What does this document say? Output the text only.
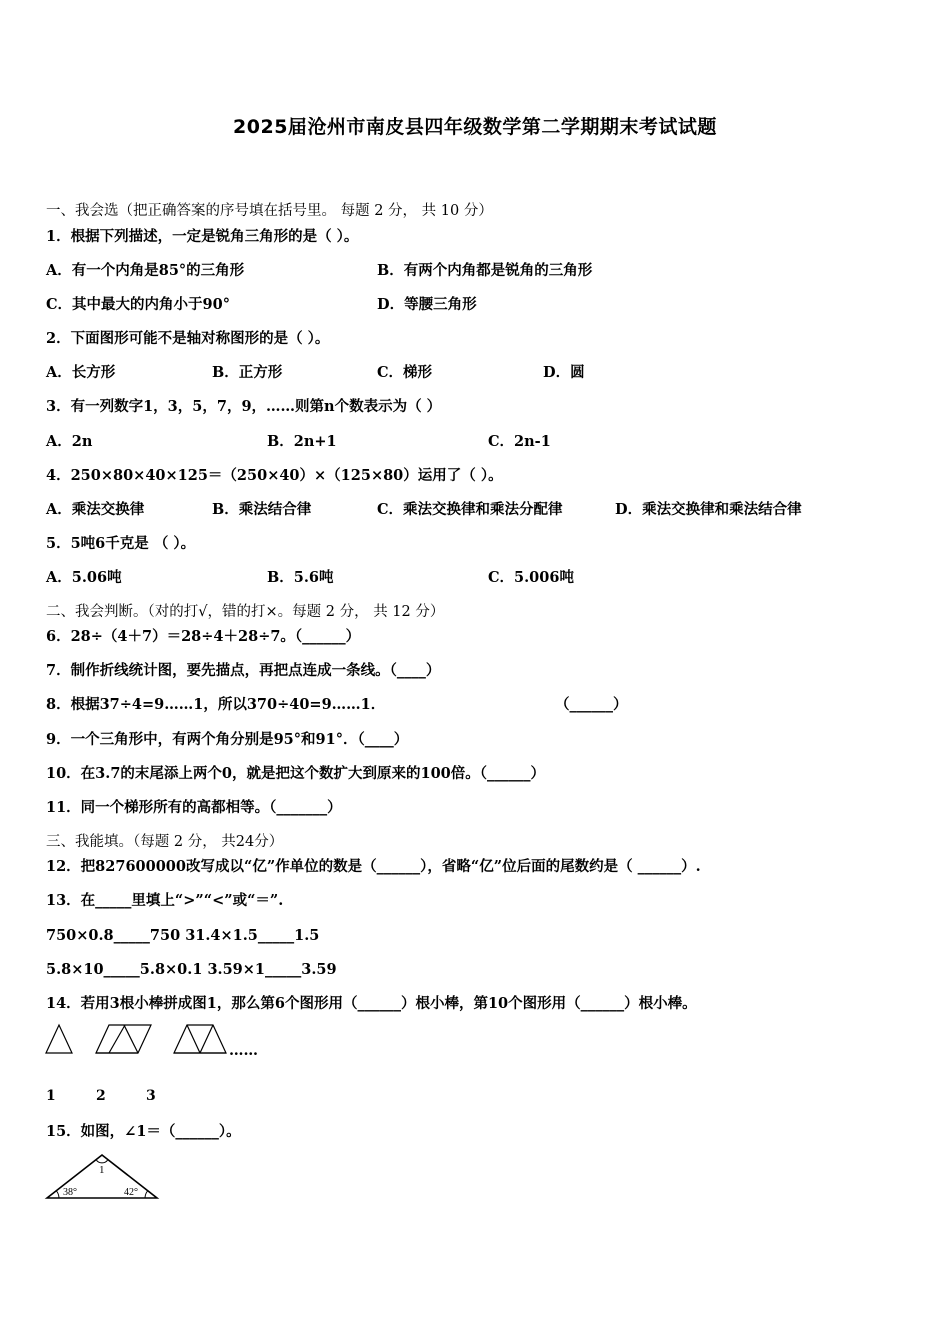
2025届沧州市南皮县四年级数学第二学期期末考试试题
一、我会选（把正确答案的序号填在括号里。 每题 2 分， 共 10 分）
1．根据下列描述，一定是锐角三角形的是（ ）。
A．有一个内角是85°的三角形	B．有两个内角都是锐角的三角形
C．其中最大的内角小于90°	D．等腰三角形
2．下面图形可能不是轴对称图形的是（ ）。
A．长方形	B．正方形	C．梯形	D．圆
3．有一列数字1，3，5，7，9，……则第n个数表示为（ ）
A．2n	B．2n+1	C．2n-1
4．250×80×40×125＝（250×40）×（125×80）运用了（ ）。
A．乘法交换律	B．乘法结合律	C．乘法交换律和乘法分配律	D．乘法交换律和乘法结合律
5．5吨6千克是 （ ）。
A．5.06吨	B．5.6吨	C．5.006吨
二、我会判断。（对的打√，错的打×。每题 2 分， 共 12 分）
6．28÷（4＋7）＝28÷4＋28÷7。（______）
7．制作折线统计图，要先描点，再把点连成一条线。（____）
8．根据37÷4=9……1，所以370÷40=9……1．	（______）
9．一个三角形中，有两个角分别是95°和91°．（____）
10．在3.7的末尾添上两个0，就是把这个数扩大到原来的100倍。（______）
11．同一个梯形所有的高都相等。（_______）
三、我能填。（每题 2 分， 共24分）
12．把827600000改写成以“亿”作单位的数是（______），省略“亿”位后面的尾数约是（ ______）.
13．在_____里填上“>”“<”或“＝”.
750×0.8_____750 31.4×1.5_____1.5
5.8×10_____5.8×0.1 3.59×1_____3.59
14．若用3根小棒拼成图1，那么第6个图形用（______）根小棒，第10个图形用（______）根小棒。
……
1	2	3
15．如图，∠1＝（______）。
1
38°	42°
